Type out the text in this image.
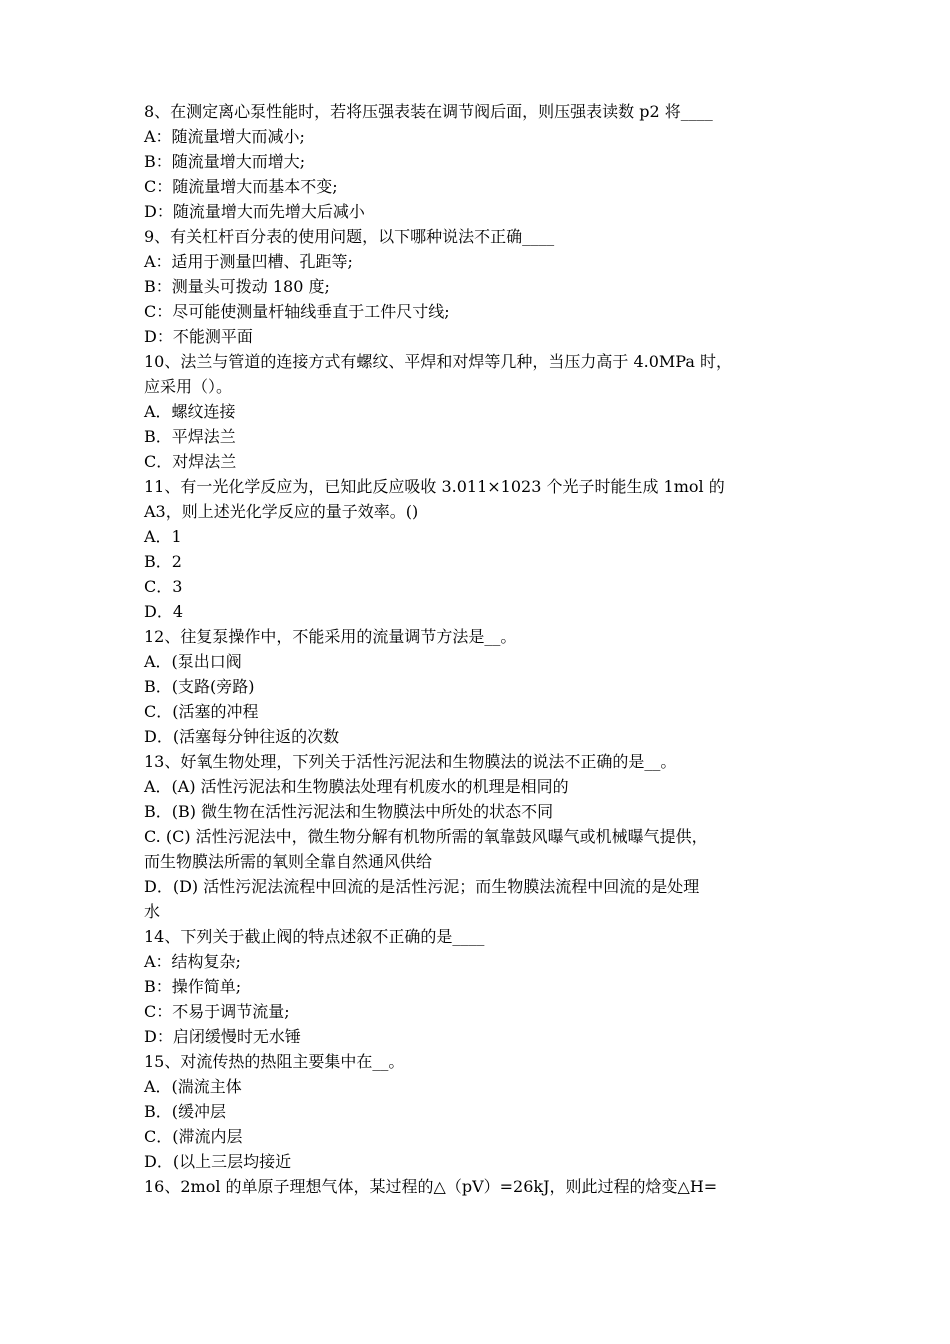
8、在测定离心泵性能时，若将压强表装在调节阀后面，则压强表读数 p2 将____

A：随流量增大而减小;

B：随流量增大而增大;

C：随流量增大而基本不变;

D：随流量增大而先增大后减小

9、有关杠杆百分表的使用问题，以下哪种说法不正确____

A：适用于测量凹槽、孔距等;

B：测量头可拨动 180 度;

C：尽可能使测量杆轴线垂直于工件尺寸线;

D：不能测平面

10、法兰与管道的连接方式有螺纹、平焊和对焊等几种，当压力高于 4.0MPa 时，

应采用（）。

A．螺纹连接

B．平焊法兰

C．对焊法兰

11、有一光化学反应为，已知此反应吸收 3.011×1023 个光子时能生成 1mol 的

A3，则上述光化学反应的量子效率。()

A．1

B．2

C．3

D．4

12、往复泵操作中，不能采用的流量调节方法是__。

A．(泵出口阀

B．(支路(旁路)

C．(活塞的冲程

D．(活塞每分钟往返的次数

13、好氧生物处理，下列关于活性污泥法和生物膜法的说法不正确的是__。

A．(A) 活性污泥法和生物膜法处理有机废水的机理是相同的

B．(B) 微生物在活性污泥法和生物膜法中所处的状态不同

C. (C) 活性污泥法中，微生物分解有机物所需的氧靠鼓风曝气或机械曝气提供，

而生物膜法所需的氧则全靠自然通风供给

D．(D) 活性污泥法流程中回流的是活性污泥；而生物膜法流程中回流的是处理

水

14、下列关于截止阀的特点述叙不正确的是____

A：结构复杂;

B：操作简单;

C：不易于调节流量;

D：启闭缓慢时无水锤

15、对流传热的热阻主要集中在__。

A．(湍流主体

B．(缓冲层

C．(滞流内层

D．(以上三层均接近

16、2mol 的单原子理想气体，某过程的△（pV）=26kJ，则此过程的焓变△H=
